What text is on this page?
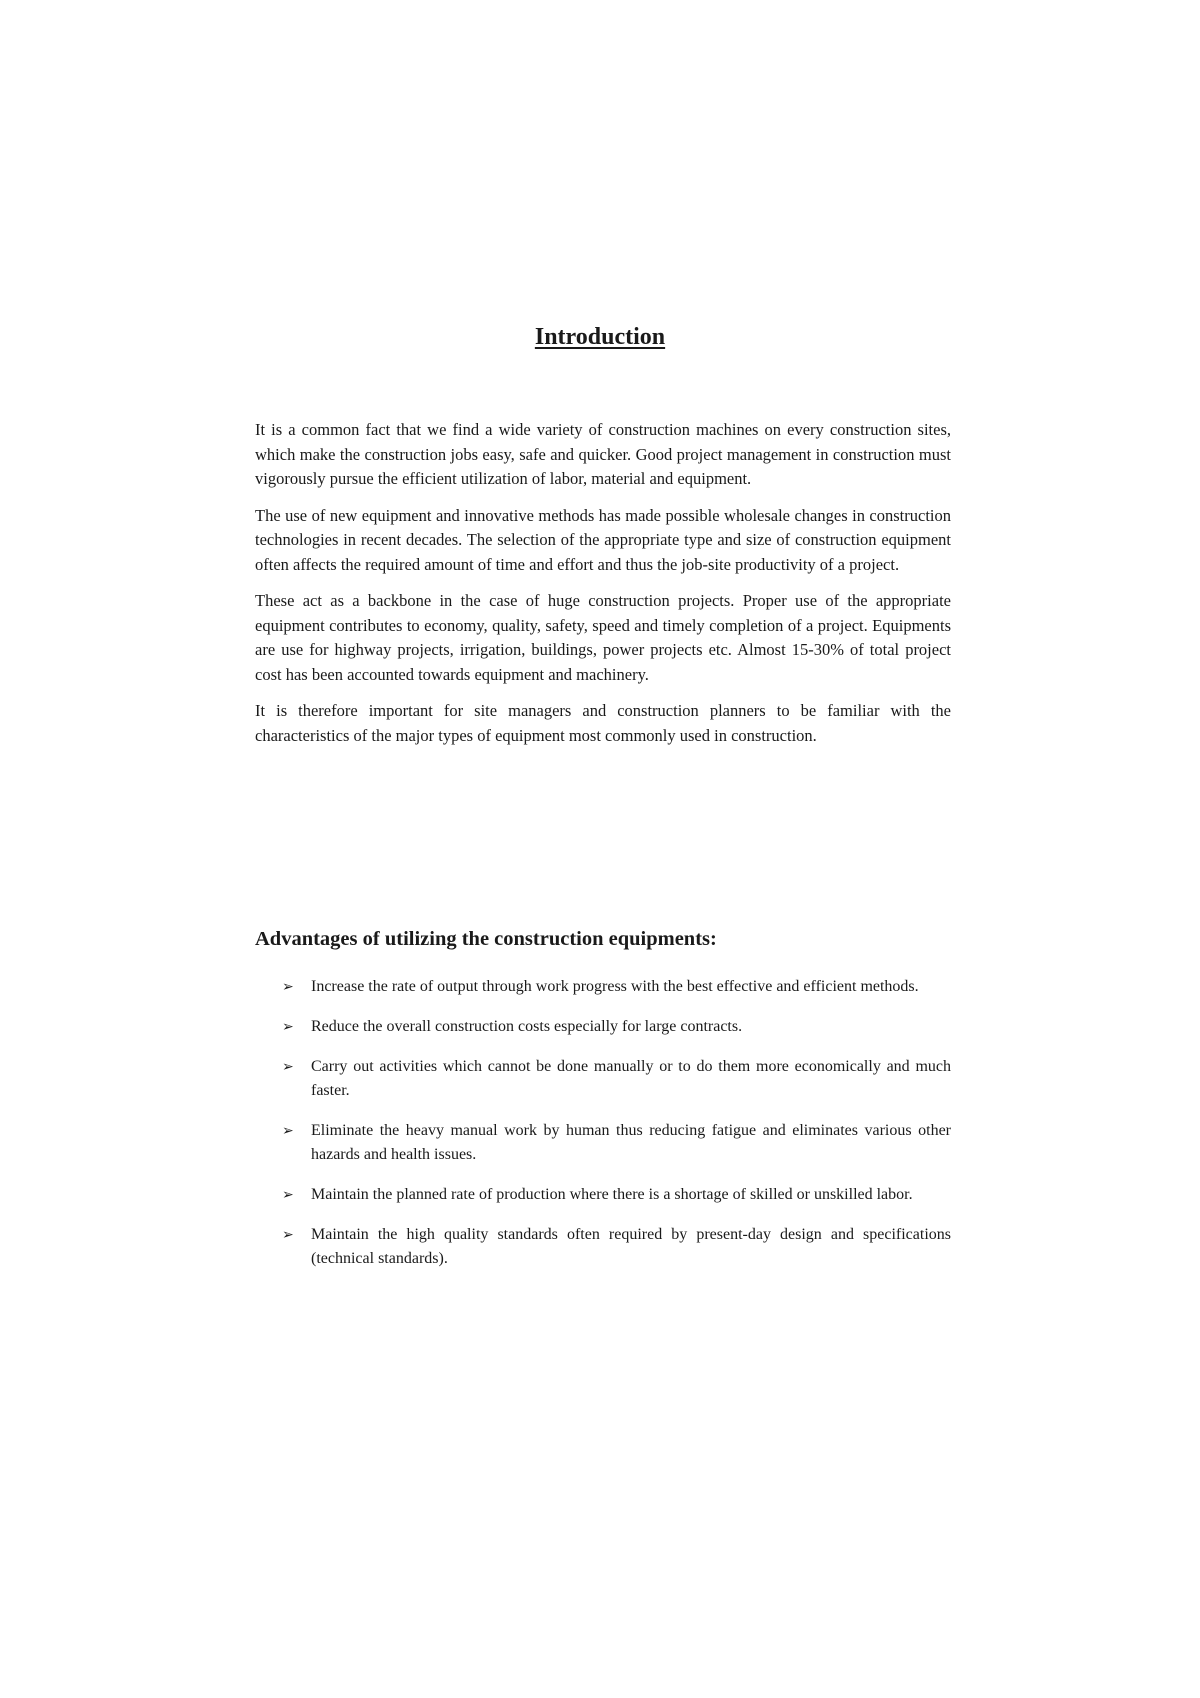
Introduction

It is a common fact that we find a wide variety of construction machines on every construction sites, which make the construction jobs easy, safe and quicker. Good project management in construction must vigorously pursue the efficient utilization of labor, material and equipment.

The use of new equipment and innovative methods has made possible wholesale changes in construction technologies in recent decades. The selection of the appropriate type and size of construction equipment often affects the required amount of time and effort and thus the job-site productivity of a project.

These act as a backbone in the case of huge construction projects. Proper use of the appropriate equipment contributes to economy, quality, safety, speed and timely completion of a project. Equipments are use for highway projects, irrigation, buildings, power projects etc. Almost 15-30% of total project cost has been accounted towards equipment and machinery.

It is therefore important for site managers and construction planners to be familiar with the characteristics of the major types of equipment most commonly used in construction.

Advantages of utilizing the construction equipments:
➢ Increase the rate of output through work progress with the best effective and efficient methods.
➢ Reduce the overall construction costs especially for large contracts.
➢ Carry out activities which cannot be done manually or to do them more economically and much faster.
➢ Eliminate the heavy manual work by human thus reducing fatigue and eliminates various other hazards and health issues.
➢ Maintain the planned rate of production where there is a shortage of skilled or unskilled labor.
➢ Maintain the high quality standards often required by present-day design and specifications (technical standards).
